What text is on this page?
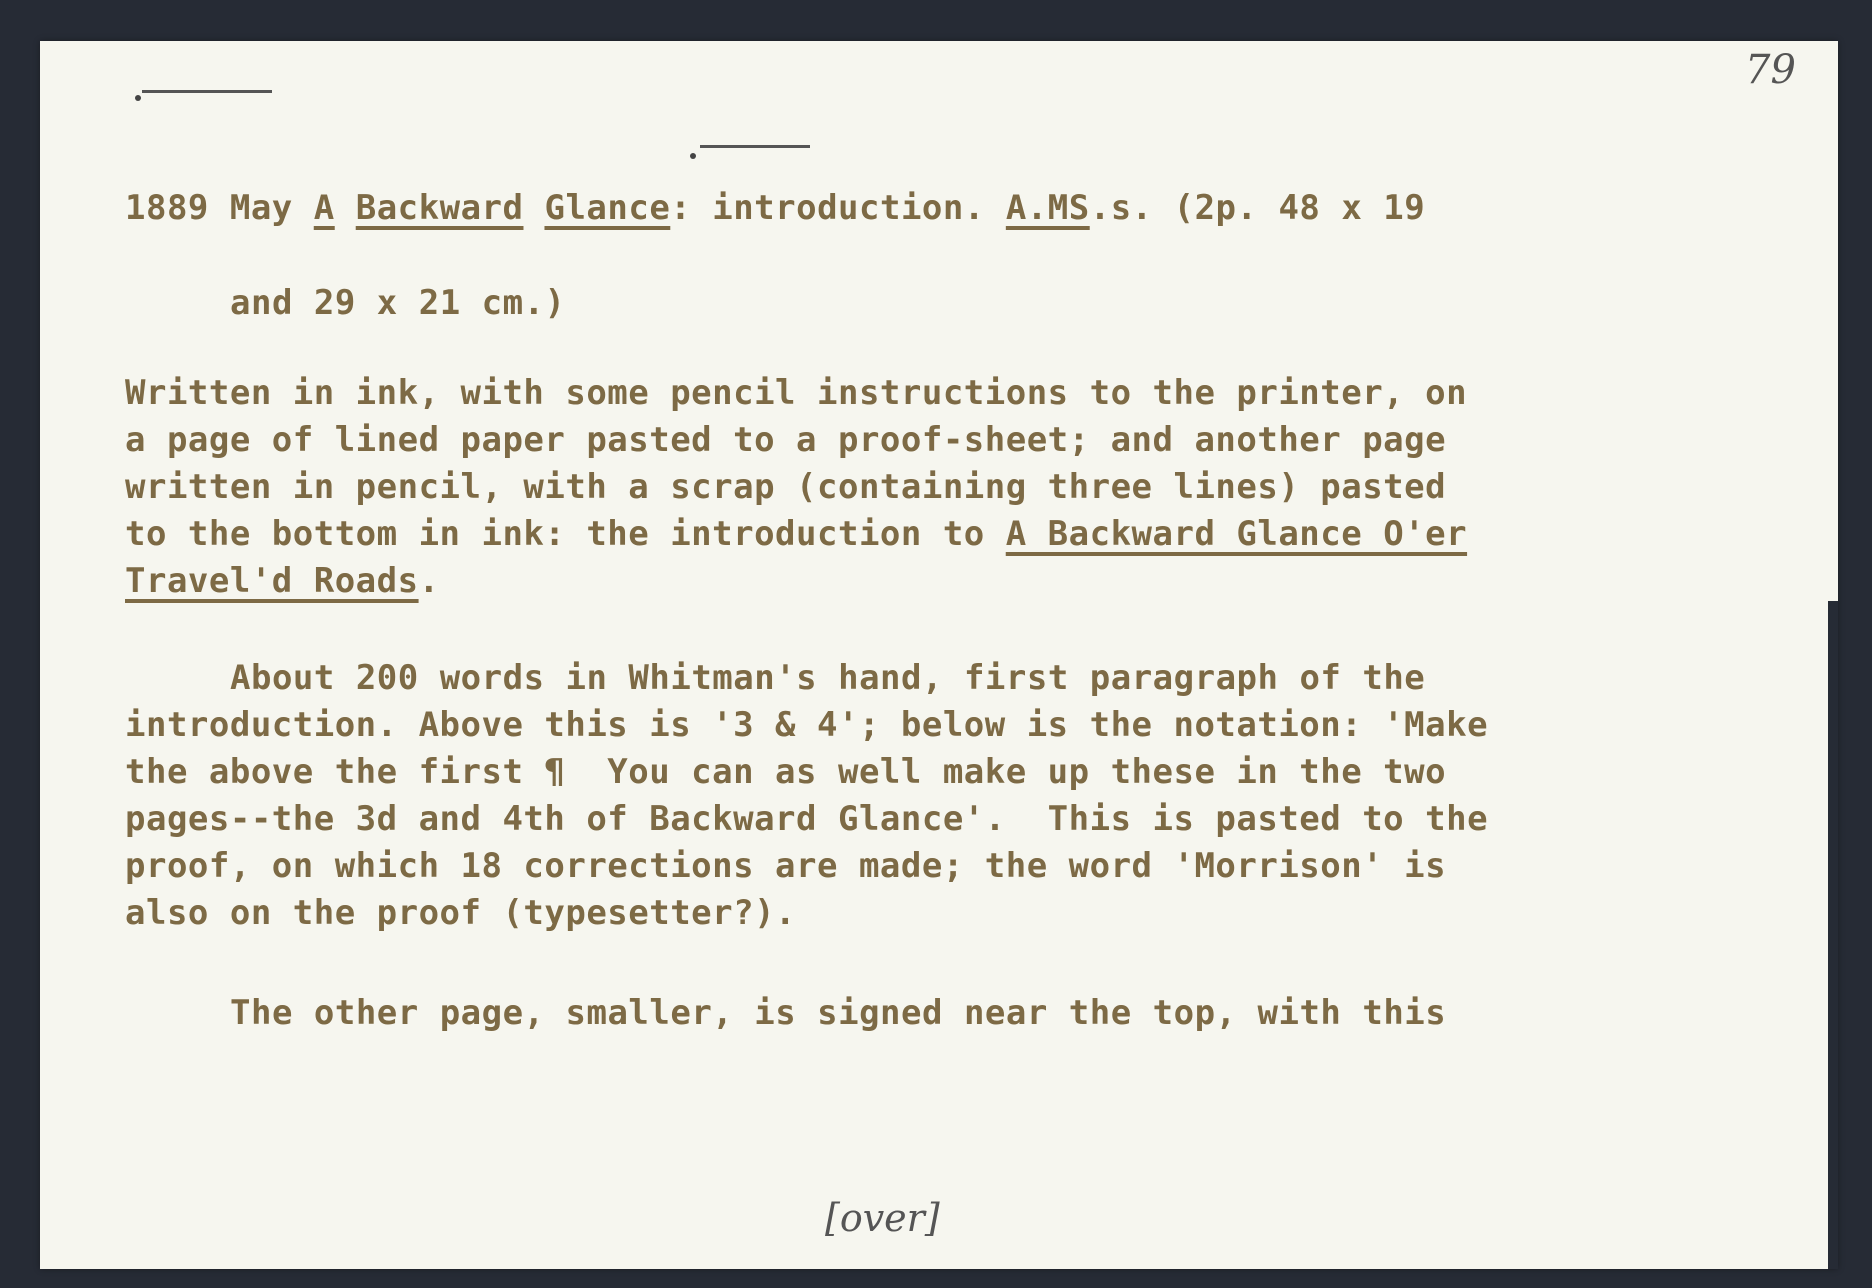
79
1889 May A Backward Glance: introduction. A.MS.s. (2p. 48 x 19
and 29 x 21 cm.)
Written in ink, with some pencil instructions to the printer, on
a page of lined paper pasted to a proof-sheet; and another page
written in pencil, with a scrap (containing three lines) pasted
to the bottom in ink: the introduction to A Backward Glance O'er
Travel'd Roads.
About 200 words in Whitman's hand, first paragraph of the
introduction. Above this is '3 & 4'; below is the notation: 'Make
the above the first ¶  You can as well make up these in the two
pages--the 3d and 4th of Backward Glance'.  This is pasted to the
proof, on which 18 corrections are made; the word 'Morrison' is
also on the proof (typesetter?).
The other page, smaller, is signed near the top, with this
[over]
